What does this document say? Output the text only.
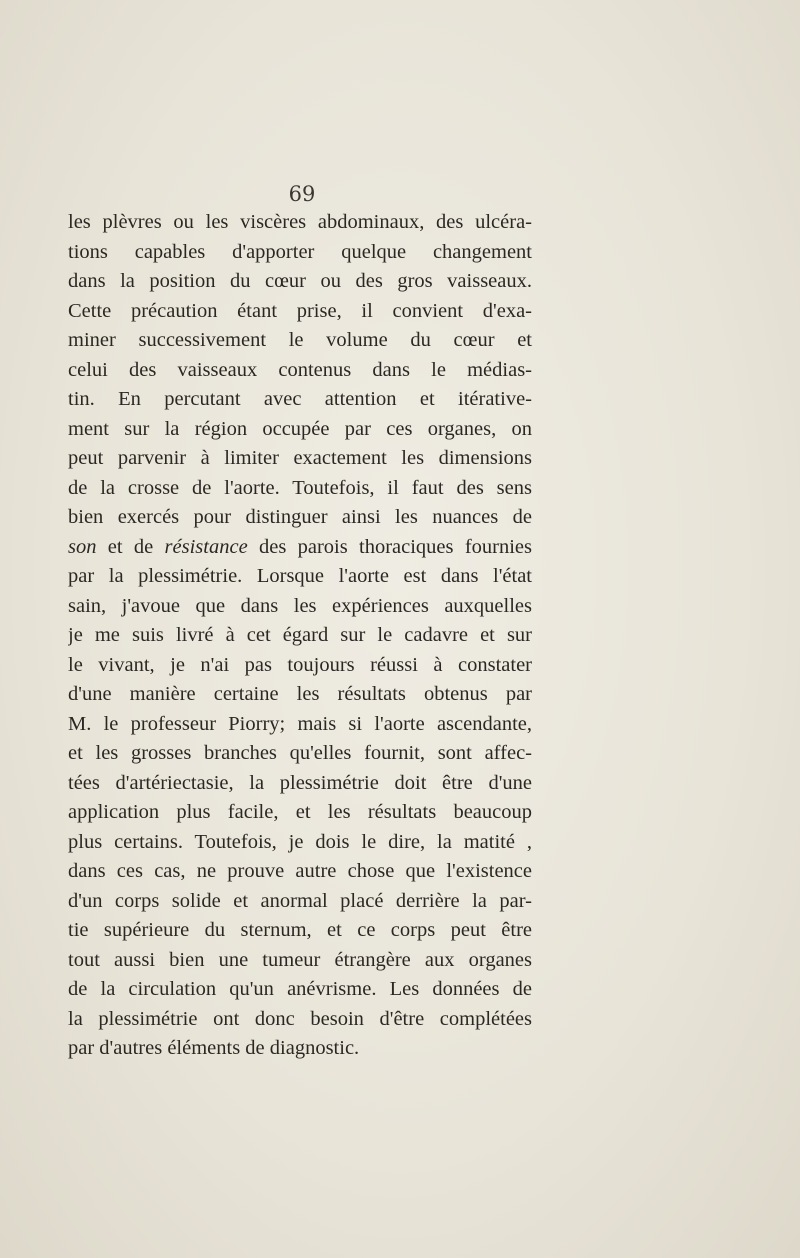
69
les plèvres ou les viscères abdominaux, des ulcéra-
tions capables d'apporter quelque changement
dans la position du cœur ou des gros vaisseaux.
Cette précaution étant prise, il convient d'exa-
miner successivement le volume du cœur et
celui des vaisseaux contenus dans le médias-
tin. En percutant avec attention et itérative-
ment sur la région occupée par ces organes, on
peut parvenir à limiter exactement les dimensions
de la crosse de l'aorte. Toutefois, il faut des sens
bien exercés pour distinguer ainsi les nuances de
son et de résistance des parois thoraciques fournies
par la plessimétrie. Lorsque l'aorte est dans l'état
sain, j'avoue que dans les expériences auxquelles
je me suis livré à cet égard sur le cadavre et sur
le vivant, je n'ai pas toujours réussi à constater
d'une manière certaine les résultats obtenus par
M. le professeur Piorry; mais si l'aorte ascendante,
et les grosses branches qu'elles fournit, sont affec-
tées d'artériectasie, la plessimétrie doit être d'une
application plus facile, et les résultats beaucoup
plus certains. Toutefois, je dois le dire, la matité ,
dans ces cas, ne prouve autre chose que l'existence
d'un corps solide et anormal placé derrière la par-
tie supérieure du sternum, et ce corps peut être
tout aussi bien une tumeur étrangère aux organes
de la circulation qu'un anévrisme. Les données de
la plessimétrie ont donc besoin d'être complétées
par d'autres éléments de diagnostic.
